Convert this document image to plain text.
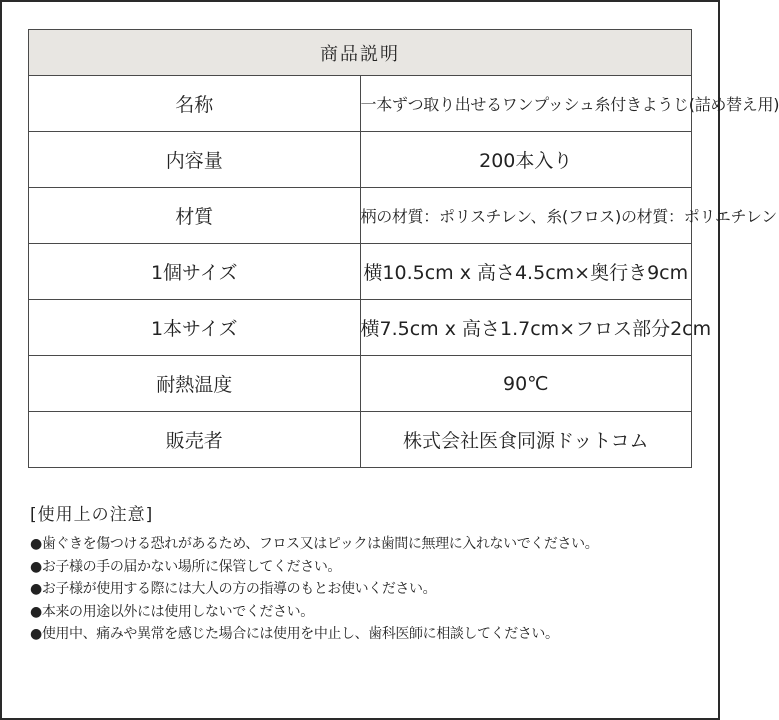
商品説明	
名称	一本ずつ取り出せるワンプッシュ糸付きようじ(詰め替え用)
内容量	200本入り
材質	柄の材質：ポリスチレン、糸(フロス)の材質：ポリエチレン
1個サイズ	横10.5cm x 高さ4.5cm×奥行き9cm
1本サイズ	横7.5cm x 高さ1.7cm×フロス部分2cm
耐熱温度	90℃
販売者	株式会社医食同源ドットコム
[使用上の注意]
●歯ぐきを傷つける恐れがあるため、フロス又はピックは歯間に無理に入れないでください。
●お子様の手の届かない場所に保管してください。
●お子様が使用する際には大人の方の指導のもとお使いください。
●本来の用途以外には使用しないでください。
●使用中、痛みや異常を感じた場合には使用を中止し、歯科医師に相談してください。
